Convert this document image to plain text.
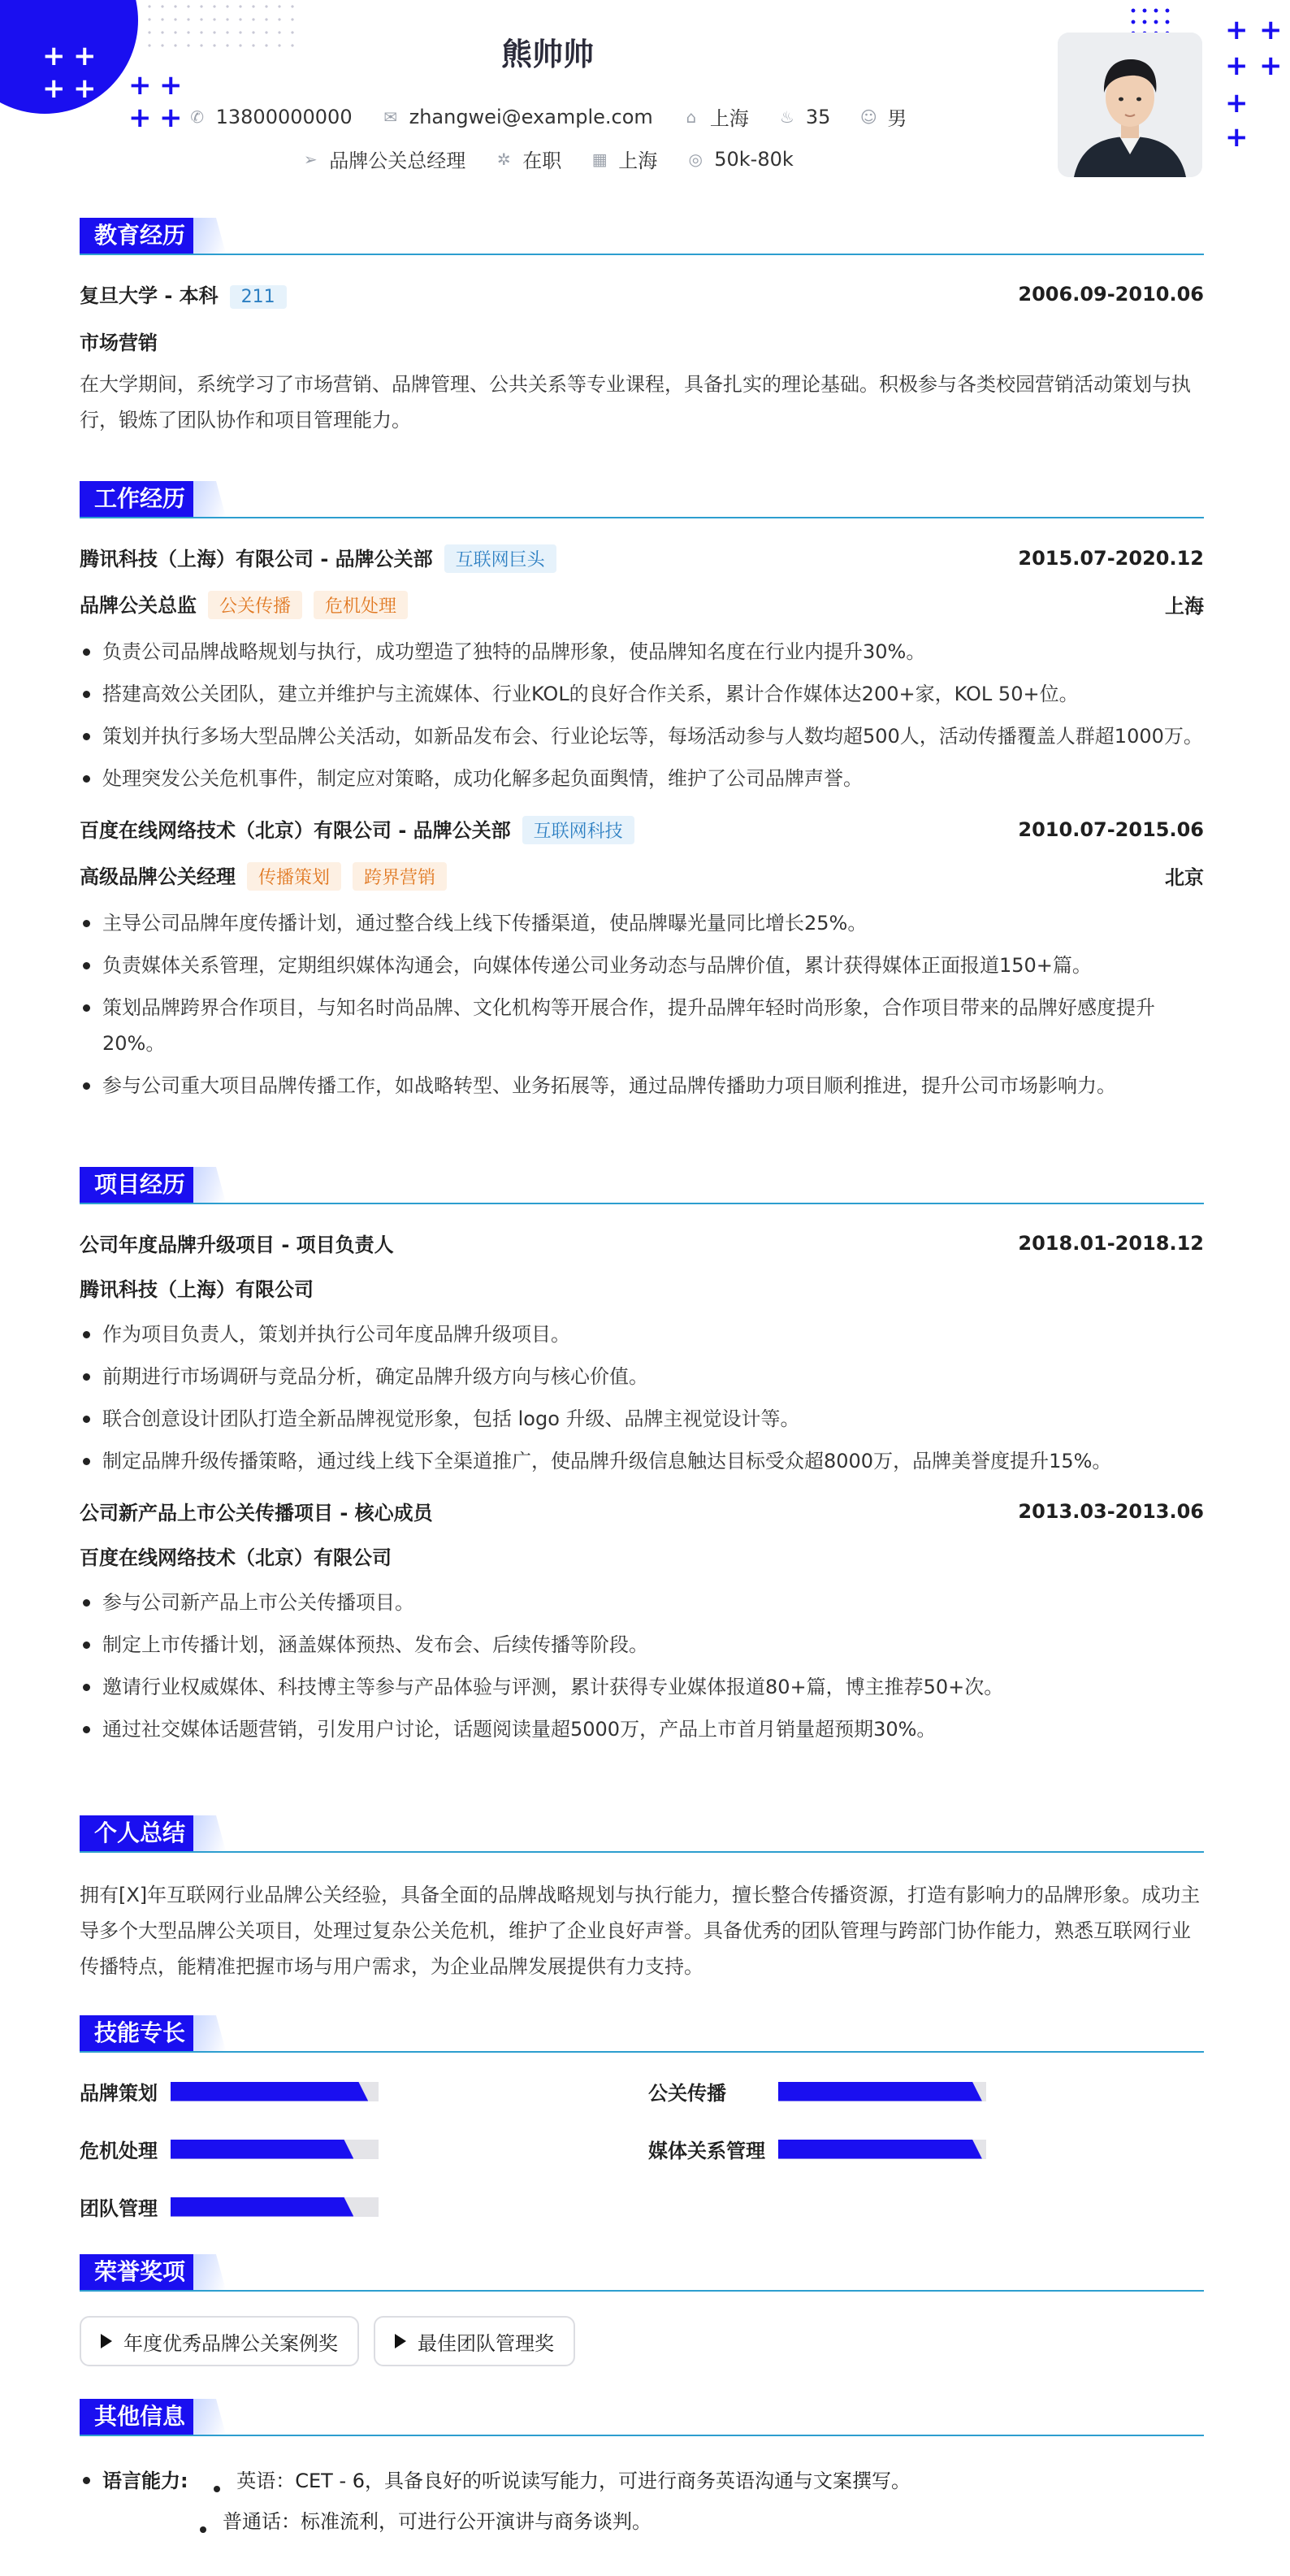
+ +
+ + + +
+ +
+ +
+ +
+
+
熊帅帅
✆ 13800000000 ✉ zhangwei@example.com ⌂ 上海 ♨ 35 ☺ 男
➢ 品牌公关总经理 ✲ 在职 ▦ 上海 ◎ 50k-80k
教育经历
复旦大学 - 本科 211	2006.09-2010.06
市场营销
在大学期间，系统学习了市场营销、品牌管理、公共关系等专业课程，具备扎实的理论基础。积极参与各类校园营销活动策划与执行，锻炼了团队协作和项目管理能力。
工作经历
腾讯科技（上海）有限公司 - 品牌公关部 互联网巨头	2015.07-2020.12
品牌公关总监 公关传播 危机处理	上海
负责公司品牌战略规划与执行，成功塑造了独特的品牌形象，使品牌知名度在行业内提升30%。
搭建高效公关团队，建立并维护与主流媒体、行业KOL的良好合作关系，累计合作媒体达200+家，KOL 50+位。
策划并执行多场大型品牌公关活动，如新品发布会、行业论坛等，每场活动参与人数均超500人，活动传播覆盖人群超1000万。
处理突发公关危机事件，制定应对策略，成功化解多起负面舆情，维护了公司品牌声誉。
百度在线网络技术（北京）有限公司 - 品牌公关部 互联网科技	2010.07-2015.06
高级品牌公关经理 传播策划 跨界营销	北京
主导公司品牌年度传播计划，通过整合线上线下传播渠道，使品牌曝光量同比增长25%。
负责媒体关系管理，定期组织媒体沟通会，向媒体传递公司业务动态与品牌价值，累计获得媒体正面报道150+篇。
策划品牌跨界合作项目，与知名时尚品牌、文化机构等开展合作，提升品牌年轻时尚形象，合作项目带来的品牌好感度提升20%。
参与公司重大项目品牌传播工作，如战略转型、业务拓展等，通过品牌传播助力项目顺利推进，提升公司市场影响力。
项目经历
公司年度品牌升级项目 - 项目负责人	2018.01-2018.12
腾讯科技（上海）有限公司
作为项目负责人，策划并执行公司年度品牌升级项目。
前期进行市场调研与竞品分析，确定品牌升级方向与核心价值。
联合创意设计团队打造全新品牌视觉形象，包括 logo 升级、品牌主视觉设计等。
制定品牌升级传播策略，通过线上线下全渠道推广，使品牌升级信息触达目标受众超8000万，品牌美誉度提升15%。
公司新产品上市公关传播项目 - 核心成员	2013.03-2013.06
百度在线网络技术（北京）有限公司
参与公司新产品上市公关传播项目。
制定上市传播计划，涵盖媒体预热、发布会、后续传播等阶段。
邀请行业权威媒体、科技博主等参与产品体验与评测，累计获得专业媒体报道80+篇，博主推荐50+次。
通过社交媒体话题营销，引发用户讨论，话题阅读量超5000万，产品上市首月销量超预期30%。
个人总结
拥有[X]年互联网行业品牌公关经验，具备全面的品牌战略规划与执行能力，擅长整合传播资源，打造有影响力的品牌形象。成功主导多个大型品牌公关项目，处理过复杂公关危机，维护了企业良好声誉。具备优秀的团队管理与跨部门协作能力，熟悉互联网行业传播特点，能精准把握市场与用户需求，为企业品牌发展提供有力支持。
技能专长
品牌策划	公关传播
危机处理	媒体关系管理
团队管理
荣誉奖项
年度优秀品牌公关案例奖	最佳团队管理奖
其他信息
语言能力: 英语：CET - 6，具备良好的听说读写能力，可进行商务英语沟通与文案撰写。
普通话：标准流利，可进行公开演讲与商务谈判。
